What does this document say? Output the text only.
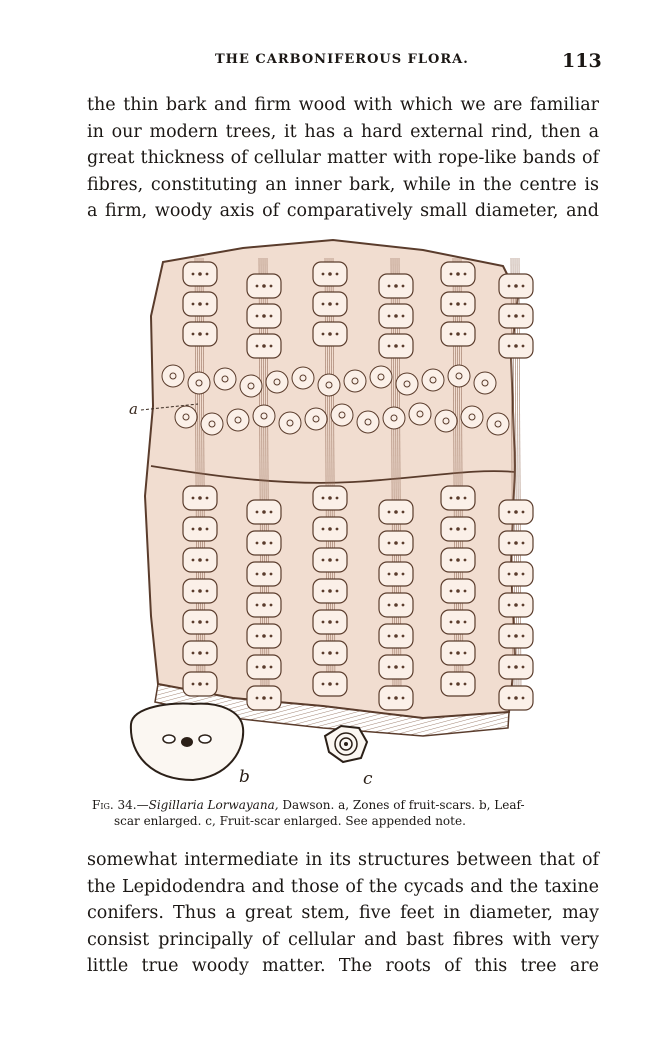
THE CARBONIFEROUS FLORA.	113
the thin bark and firm wood with which we are familiar
in our modern trees, it has a hard external rind, then a
great thickness of cellular matter with rope-like bands of
fibres, constituting an inner bark, while in the centre is
a firm, woody axis of comparatively small diameter, and
a
b	c
Fig. 34.—Sigillaria Lorwayana, Dawson. a, Zones of fruit-scars. b, Leaf-
scar enlarged. c, Fruit-scar enlarged. See appended note.
somewhat intermediate in its structures between that of
the Lepidodendra and those of the cycads and the taxine
conifers. Thus a great stem, five feet in diameter, may
consist principally of cellular and bast fibres with very
little true woody matter. The roots of this tree are
